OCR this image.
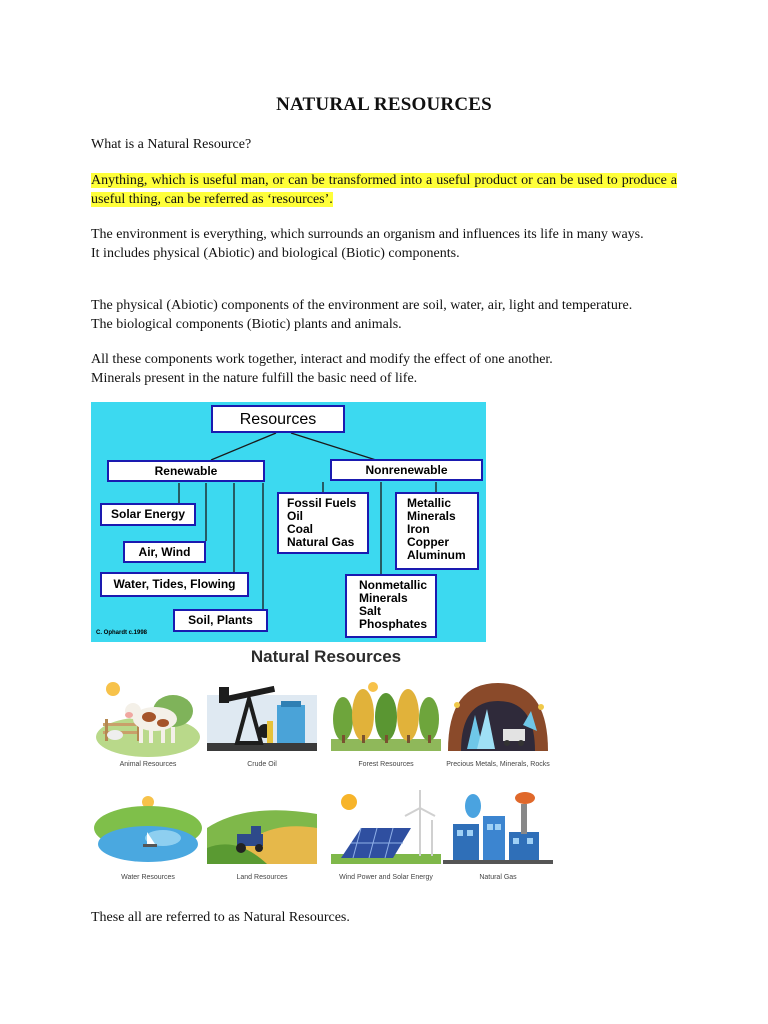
NATURAL RESOURCES

What is a Natural Resource?

Anything, which is useful man, or can be transformed into a useful product or can be used to produce a useful thing, can be referred as ‘resources’.

The environment is everything, which surrounds an organism and influences its life in many ways.

It includes physical (Abiotic) and biological (Biotic) components.

The physical (Abiotic) components of the environment are soil, water, air, light and temperature.

The biological components (Biotic) plants and animals.

All these components work together, interact and modify the effect of one another.

Minerals present in the nature fulfill the basic need of life.

Resources
Renewable	Nonrenewable
Solar Energy
Air, Wind
Water, Tides, Flowing
Soil, Plants
Fossil Fuels
Oil
Coal
Natural Gas
Metallic
Minerals
Iron
Copper
Aluminum
Nonmetallic
Minerals
Salt
Phosphates
C. Ophardt c.1998
Natural Resources
Animal Resources	Crude Oil	Forest Resources	Precious Metals, Minerals, Rocks
Water Resources	Land Resources	Wind Power and Solar Energy	Natural Gas

These all are referred to as Natural Resources.
